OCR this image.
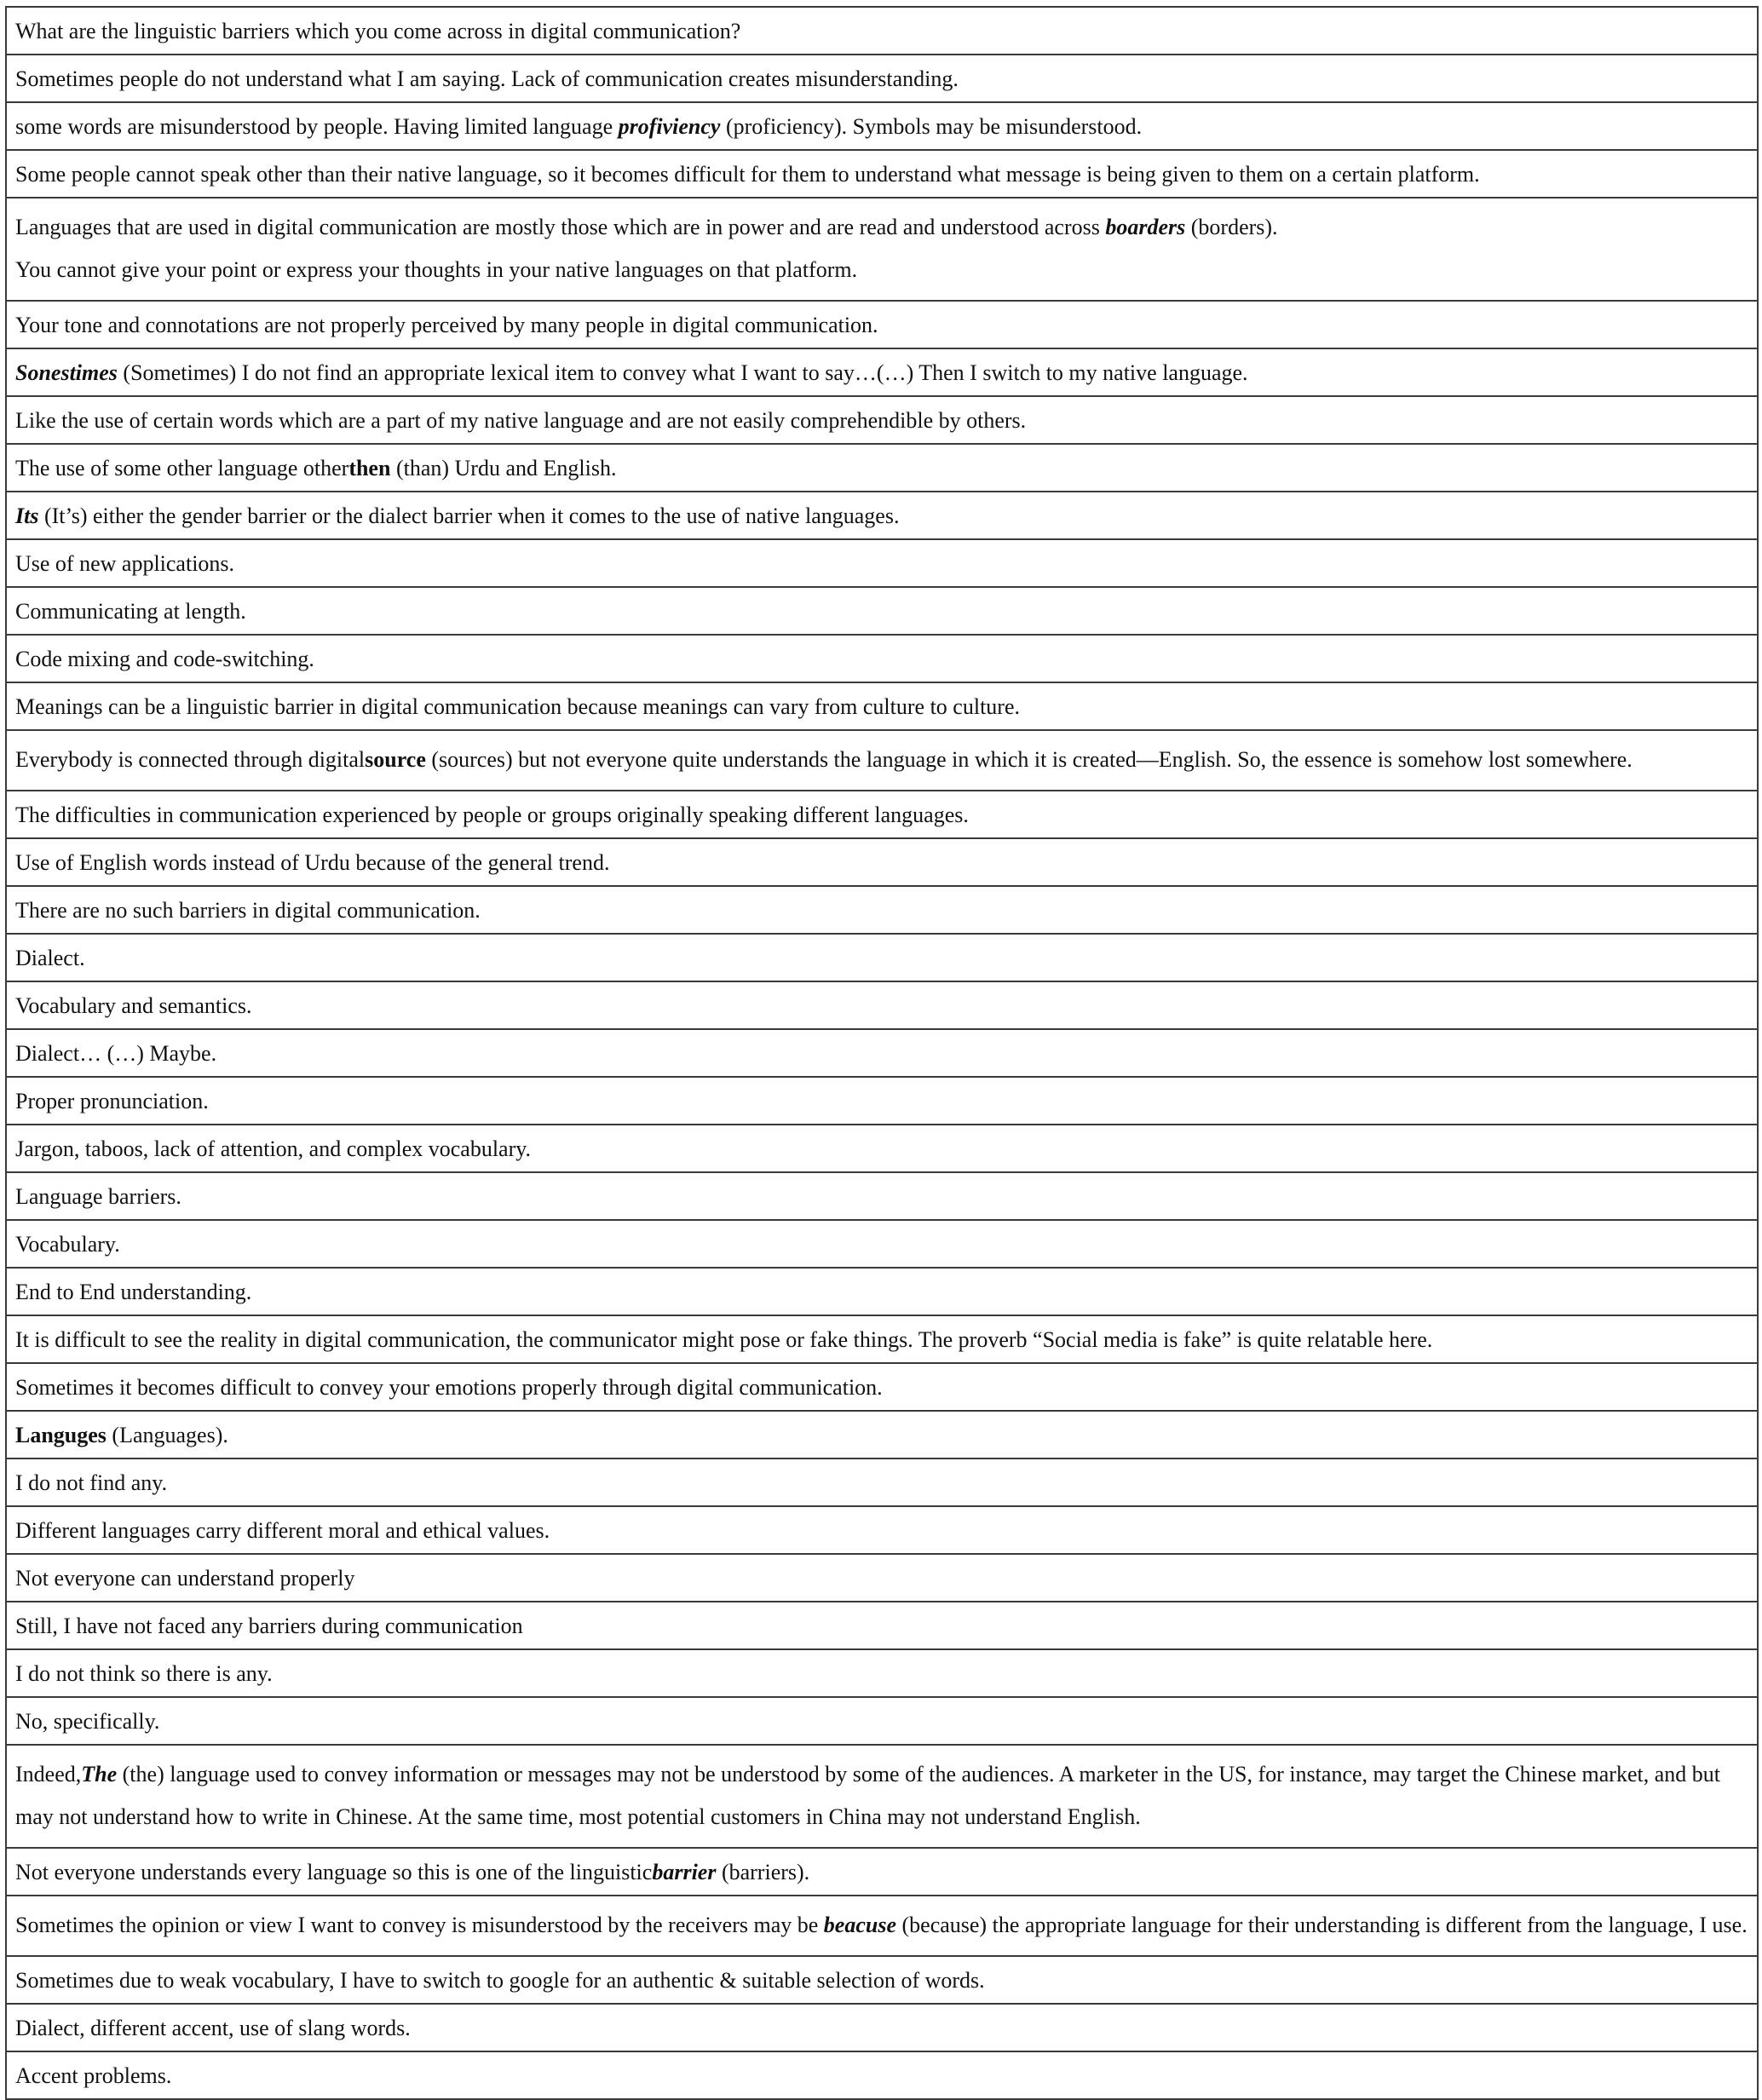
What are the linguistic barriers which you come across in digital communication?
Sometimes people do not understand what I am saying. Lack of communication creates misunderstanding.
some words are misunderstood by people. Having limited language profiviency (proficiency). Symbols may be misunderstood.
Some people cannot speak other than their native language, so it becomes difficult for them to understand what message is being given to them on a certain platform.

Languages that are used in digital communication are mostly those which are in power and are read and understood across boarders (borders).
You cannot give your point or express your thoughts in your native languages on that platform.

Your tone and connotations are not properly perceived by many people in digital communication.
Sonestimes (Sometimes) I do not find an appropriate lexical item to convey what I want to say…(…) Then I switch to my native language.
Like the use of certain words which are a part of my native language and are not easily comprehendible by others.
The use of some other language otherthen (than) Urdu and English.
Its (It’s) either the gender barrier or the dialect barrier when it comes to the use of native languages.
Use of new applications.
Communicating at length.
Code mixing and code-switching.
Meanings can be a linguistic barrier in digital communication because meanings can vary from culture to culture.
Everybody is connected through digitalsource (sources) but not everyone quite understands the language in which it is created—English. So, the essence is somehow lost somewhere.
The difficulties in communication experienced by people or groups originally speaking different languages.
Use of English words instead of Urdu because of the general trend.
There are no such barriers in digital communication.
Dialect.
Vocabulary and semantics.
Dialect… (…) Maybe.
Proper pronunciation.
Jargon, taboos, lack of attention, and complex vocabulary.
Language barriers.
Vocabulary.
End to End understanding.
It is difficult to see the reality in digital communication, the communicator might pose or fake things. The proverb “Social media is fake” is quite relatable here.
Sometimes it becomes difficult to convey your emotions properly through digital communication.
Languges (Languages).
I do not find any.
Different languages carry different moral and ethical values.
Not everyone can understand properly
Still, I have not faced any barriers during communication
I do not think so there is any.
No, specifically.
Indeed,The (the) language used to convey information or messages may not be understood by some of the audiences. A marketer in the US, for instance, may target the Chinese market, and but may not understand how to write in Chinese. At the same time, most potential customers in China may not understand English.
Not everyone understands every language so this is one of the linguisticbarrier (barriers).
Sometimes the opinion or view I want to convey is misunderstood by the receivers may be beacuse (because) the appropriate language for their understanding is different from the language, I use.
Sometimes due to weak vocabulary, I have to switch to google for an authentic & suitable selection of words.
Dialect, different accent, use of slang words.
Accent problems.
